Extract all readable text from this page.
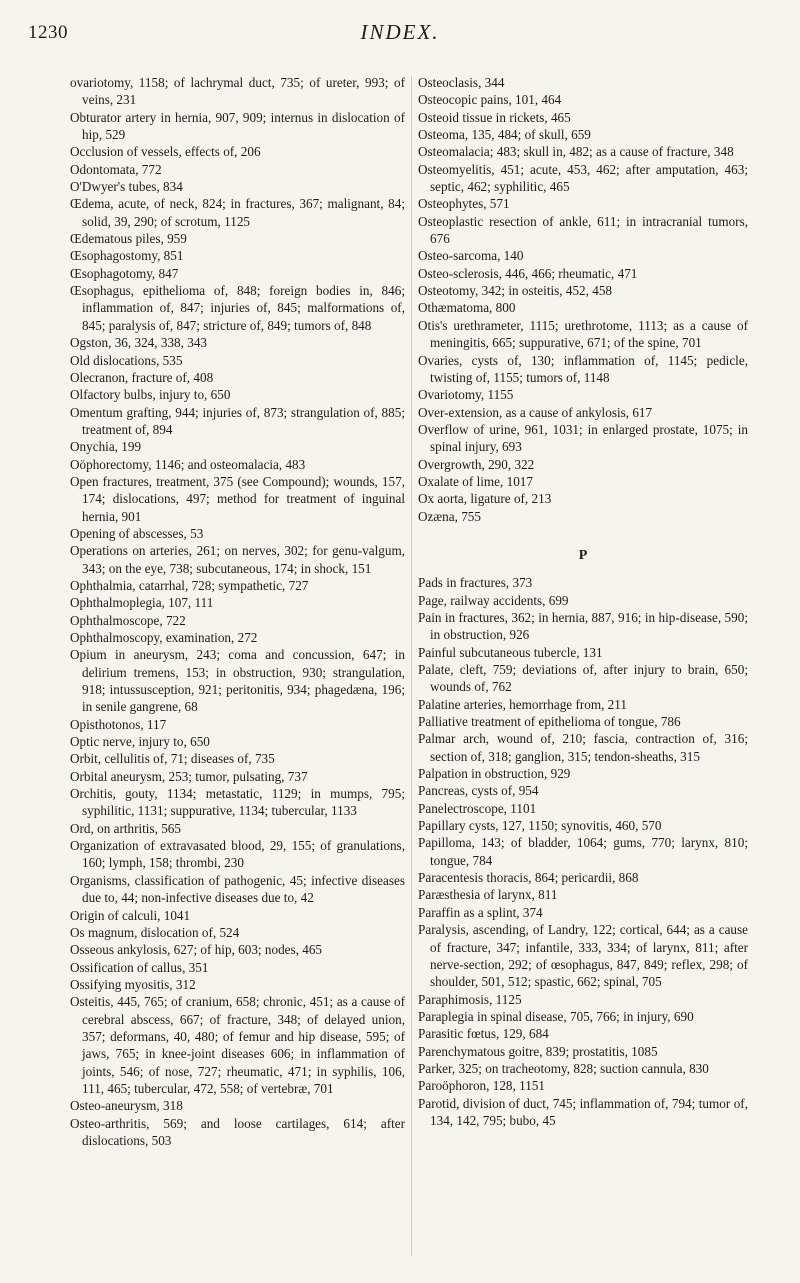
1230	INDEX.
ovariotomy, 1158; of lachrymal duct, 735; of ureter, 993; of veins, 231
Obturator artery in hernia, 907, 909; internus in dislocation of hip, 529
Occlusion of vessels, effects of, 206
Odontomata, 772
O'Dwyer's tubes, 834
Œdema, acute, of neck, 824; in fractures, 367; malignant, 84; solid, 39, 290; of scrotum, 1125
Œdematous piles, 959
Œsophagostomy, 851
Œsophagotomy, 847
Œsophagus, epithelioma of, 848; foreign bodies in, 846; inflammation of, 847; injuries of, 845; malformations of, 845; paralysis of, 847; stricture of, 849; tumors of, 848
Ogston, 36, 324, 338, 343
Old dislocations, 535
Olecranon, fracture of, 408
Olfactory bulbs, injury to, 650
Omentum grafting, 944; injuries of, 873; strangulation of, 885; treatment of, 894
Onychia, 199
Oöphorectomy, 1146; and osteomalacia, 483
Open fractures, treatment, 375 (see Compound); wounds, 157, 174; dislocations, 497; method for treatment of inguinal hernia, 901
Opening of abscesses, 53
Operations on arteries, 261; on nerves, 302; for genu-valgum, 343; on the eye, 738; subcutaneous, 174; in shock, 151
Ophthalmia, catarrhal, 728; sympathetic, 727
Ophthalmoplegia, 107, 111
Ophthalmoscope, 722
Ophthalmoscopy, examination, 272
Opium in aneurysm, 243; coma and concussion, 647; in delirium tremens, 153; in obstruction, 930; strangulation, 918; intussusception, 921; peritonitis, 934; phagedæna, 196; in senile gangrene, 68
Opisthotonos, 117
Optic nerve, injury to, 650
Orbit, cellulitis of, 71; diseases of, 735
Orbital aneurysm, 253; tumor, pulsating, 737
Orchitis, gouty, 1134; metastatic, 1129; in mumps, 795; syphilitic, 1131; suppurative, 1134; tubercular, 1133
Ord, on arthritis, 565
Organization of extravasated blood, 29, 155; of granulations, 160; lymph, 158; thrombi, 230
Organisms, classification of pathogenic, 45; infective diseases due to, 44; non-infective diseases due to, 42
Origin of calculi, 1041
Os magnum, dislocation of, 524
Osseous ankylosis, 627; of hip, 603; nodes, 465
Ossification of callus, 351
Ossifying myositis, 312
Osteitis, 445, 765; of cranium, 658; chronic, 451; as a cause of cerebral abscess, 667; of fracture, 348; of delayed union, 357; deformans, 40, 480; of femur and hip disease, 595; of jaws, 765; in knee-joint diseases 606; in inflammation of joints, 546; of nose, 727; rheumatic, 471; in syphilis, 106, 111, 465; tubercular, 472, 558; of vertebræ, 701
Osteo-aneurysm, 318
Osteo-arthritis, 569; and loose cartilages, 614; after dislocations, 503
Osteoclasis, 344
Osteocopic pains, 101, 464
Osteoid tissue in rickets, 465
Osteoma, 135, 484; of skull, 659
Osteomalacia; 483; skull in, 482; as a cause of fracture, 348
Osteomyelitis, 451; acute, 453, 462; after amputation, 463; septic, 462; syphilitic, 465
Osteophytes, 571
Osteoplastic resection of ankle, 611; in intracranial tumors, 676
Osteo-sarcoma, 140
Osteo-sclerosis, 446, 466; rheumatic, 471
Osteotomy, 342; in osteitis, 452, 458
Othæmatoma, 800
Otis's urethrameter, 1115; urethrotome, 1113; as a cause of meningitis, 665; suppurative, 671; of the spine, 701
Ovaries, cysts of, 130; inflammation of, 1145; pedicle, twisting of, 1155; tumors of, 1148
Ovariotomy, 1155
Over-extension, as a cause of ankylosis, 617
Overflow of urine, 961, 1031; in enlarged prostate, 1075; in spinal injury, 693
Overgrowth, 290, 322
Oxalate of lime, 1017
Ox aorta, ligature of, 213
Ozæna, 755
P
Pads in fractures, 373
Page, railway accidents, 699
Pain in fractures, 362; in hernia, 887, 916; in hip-disease, 590; in obstruction, 926
Painful subcutaneous tubercle, 131
Palate, cleft, 759; deviations of, after injury to brain, 650; wounds of, 762
Palatine arteries, hemorrhage from, 211
Palliative treatment of epithelioma of tongue, 786
Palmar arch, wound of, 210; fascia, contraction of, 316; section of, 318; ganglion, 315; tendon-sheaths, 315
Palpation in obstruction, 929
Pancreas, cysts of, 954
Panelectroscope, 1101
Papillary cysts, 127, 1150; synovitis, 460, 570
Papilloma, 143; of bladder, 1064; gums, 770; larynx, 810; tongue, 784
Paracentesis thoracis, 864; pericardii, 868
Paræsthesia of larynx, 811
Paraffin as a splint, 374
Paralysis, ascending, of Landry, 122; cortical, 644; as a cause of fracture, 347; infantile, 333, 334; of larynx, 811; after nerve-section, 292; of œsophagus, 847, 849; reflex, 298; of shoulder, 501, 512; spastic, 662; spinal, 705
Paraphimosis, 1125
Paraplegia in spinal disease, 705, 766; in injury, 690
Parasitic fœtus, 129, 684
Parenchymatous goitre, 839; prostatitis, 1085
Parker, 325; on tracheotomy, 828; suction cannula, 830
Paroöphoron, 128, 1151
Parotid, division of duct, 745; inflammation of, 794; tumor of, 134, 142, 795; bubo, 45
